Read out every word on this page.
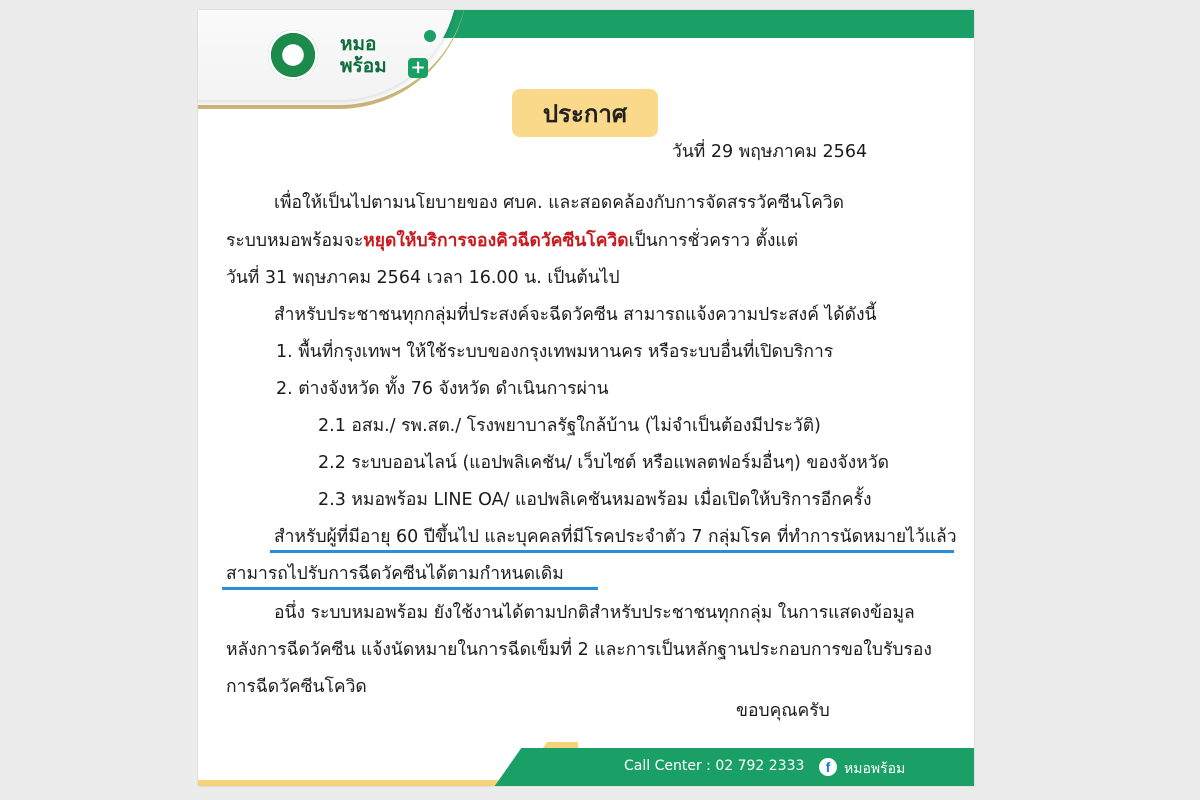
หมอ
พร้อม +
ประกาศ
วันที่ 29 พฤษภาคม 2564
เพื่อให้เป็นไปตามนโยบายของ ศบค. และสอดคล้องกับการจัดสรรวัคซีนโควิด
ระบบหมอพร้อมจะหยุดให้บริการจองคิวฉีดวัคซีนโควิดเป็นการชั่วคราว ตั้งแต่
วันที่ 31 พฤษภาคม 2564 เวลา 16.00 น. เป็นต้นไป
สำหรับประชาชนทุกกลุ่มที่ประสงค์จะฉีดวัคซีน สามารถแจ้งความประสงค์ ได้ดังนี้
1. พื้นที่กรุงเทพฯ ให้ใช้ระบบของกรุงเทพมหานคร หรือระบบอื่นที่เปิดบริการ
2. ต่างจังหวัด ทั้ง 76 จังหวัด ดำเนินการผ่าน
2.1 อสม./ รพ.สต./ โรงพยาบาลรัฐใกล้บ้าน (ไม่จำเป็นต้องมีประวัติ)
2.2 ระบบออนไลน์ (แอปพลิเคชัน/ เว็บไซต์ หรือแพลตฟอร์มอื่นๆ) ของจังหวัด
2.3 หมอพร้อม LINE OA/ แอปพลิเคชันหมอพร้อม เมื่อเปิดให้บริการอีกครั้ง
สำหรับผู้ที่มีอายุ 60 ปีขึ้นไป และบุคคลที่มีโรคประจำตัว 7 กลุ่มโรค ที่ทำการนัดหมายไว้แล้ว
สามารถไปรับการฉีดวัคซีนได้ตามกำหนดเดิม
อนึ่ง ระบบหมอพร้อม ยังใช้งานได้ตามปกติสำหรับประชาชนทุกกลุ่ม ในการแสดงข้อมูล
หลังการฉีดวัคซีน แจ้งนัดหมายในการฉีดเข็มที่ 2 และการเป็นหลักฐานประกอบการขอใบรับรอง
การฉีดวัคซีนโควิด
ขอบคุณครับ
Call Center : 02 792 2333	f หมอพร้อม
